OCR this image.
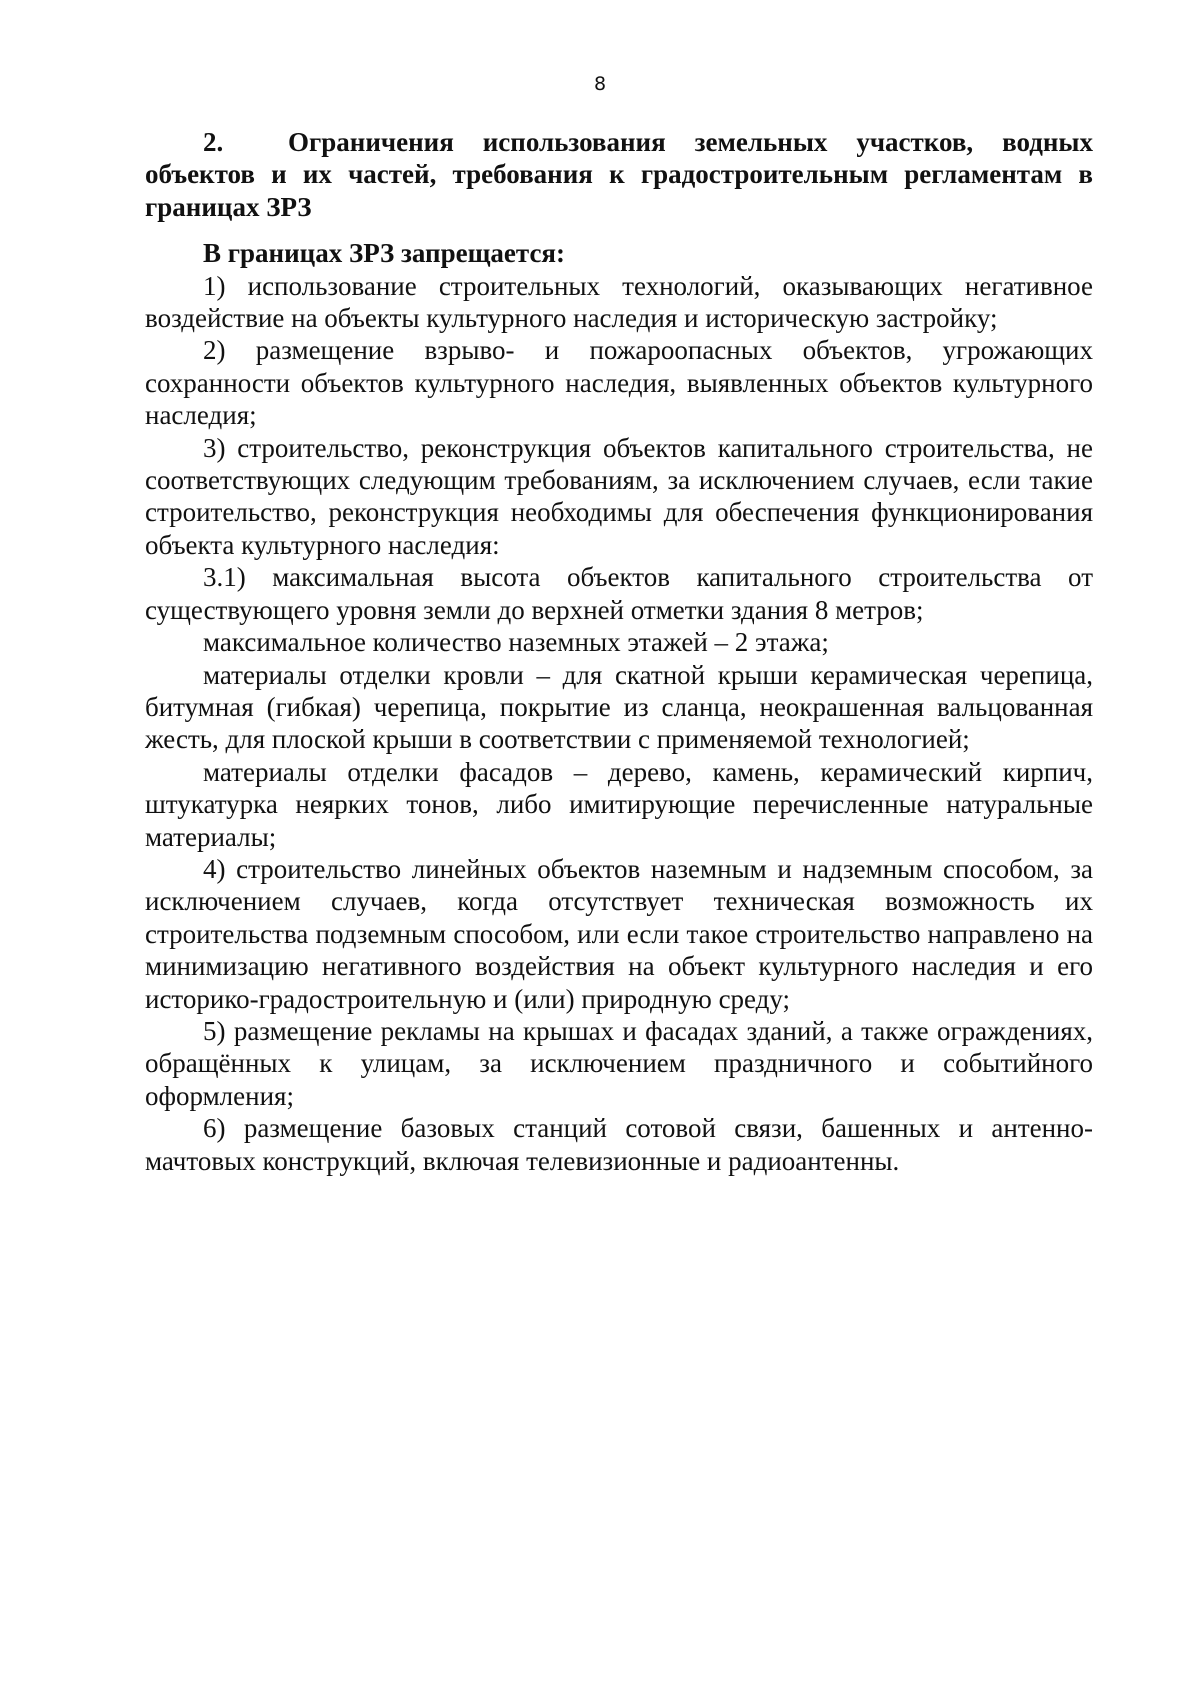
8

2. Ограничения использования земельных участков, водных объектов и их частей, требования к градостроительным регламентам в границах ЗРЗ

В границах ЗРЗ запрещается:

1) использование строительных технологий, оказывающих негативное воздействие на объекты культурного наследия и историческую застройку;

2) размещение взрыво- и пожароопасных объектов, угрожающих сохранности объектов культурного наследия, выявленных объектов культурного наследия;

3) строительство, реконструкция объектов капитального строительства, не соответствующих следующим требованиям, за исключением случаев, если такие строительство, реконструкция необходимы для обеспечения функционирования объекта культурного наследия:

3.1) максимальная высота объектов капитального строительства от существующего уровня земли до верхней отметки здания 8 метров;

максимальное количество наземных этажей – 2 этажа;

материалы отделки кровли – для скатной крыши керамическая черепица, битумная (гибкая) черепица, покрытие из сланца, неокрашенная вальцованная жесть, для плоской крыши в соответствии с применяемой технологией;

материалы отделки фасадов – дерево, камень, керамический кирпич, штукатурка неярких тонов, либо имитирующие перечисленные натуральные материалы;

4) строительство линейных объектов наземным и надземным способом, за исключением случаев, когда отсутствует техническая возможность их строительства подземным способом, или если такое строительство направлено на минимизацию негативного воздействия на объект культурного наследия и его историко-градостроительную и (или) природную среду;

5) размещение рекламы на крышах и фасадах зданий, а также ограждениях, обращённых к улицам, за исключением праздничного и событийного оформления;

6) размещение базовых станций сотовой связи, башенных и антенно-мачтовых конструкций, включая телевизионные и радиоантенны.
